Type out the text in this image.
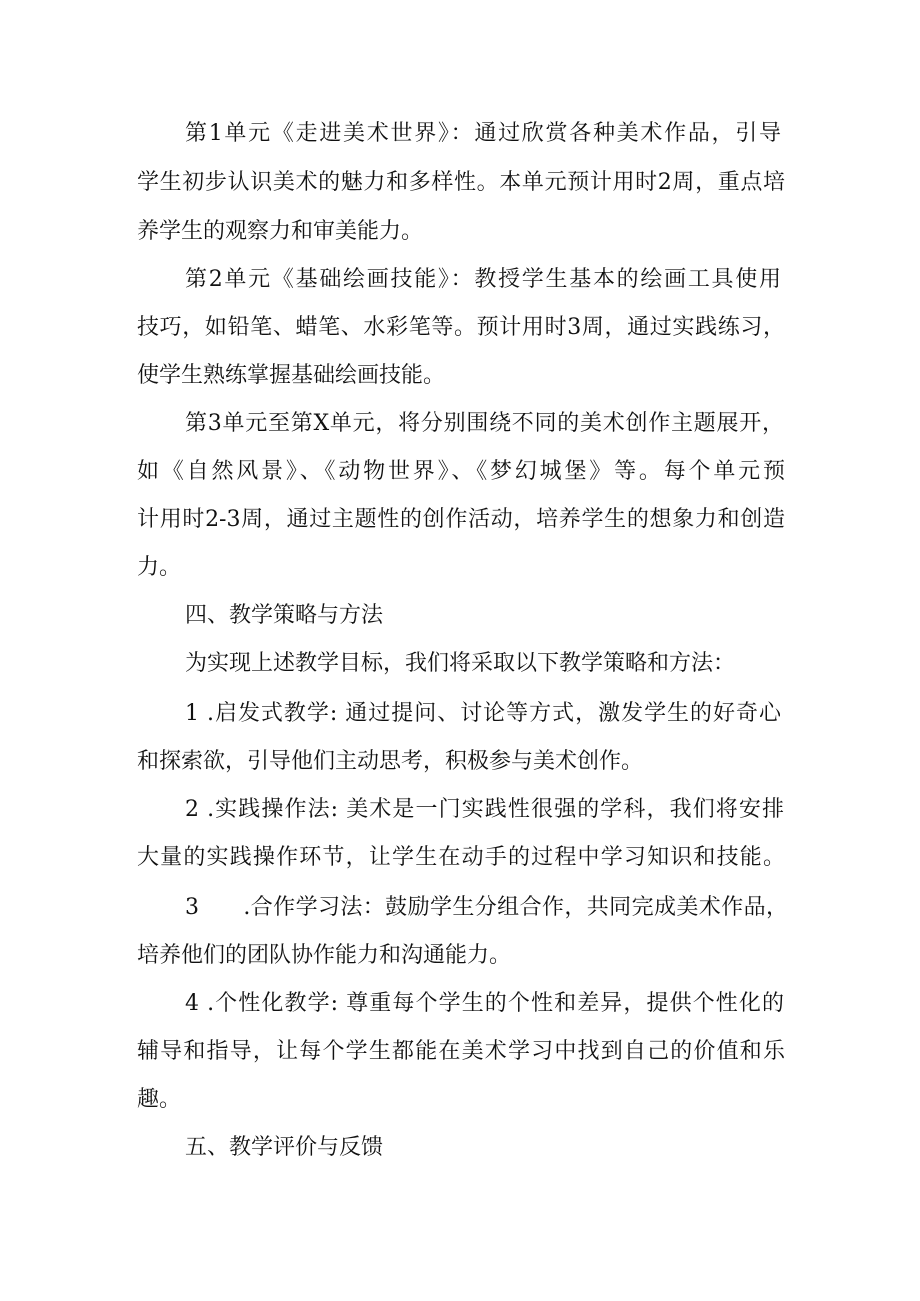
第1单元《走进美术世界》：通过欣赏各种美术作品，引导
学生初步认识美术的魅力和多样性。本单元预计用时2周，重点培
养学生的观察力和审美能力。
第2单元《基础绘画技能》：教授学生基本的绘画工具使用
技巧，如铅笔、蜡笔、水彩笔等。预计用时3周，通过实践练习，
使学生熟练掌握基础绘画技能。
第3单元至第X单元，将分别围绕不同的美术创作主题展开，
如《自然风景》、《动物世界》、《梦幻城堡》等。每个单元预
计用时2-3周，通过主题性的创作活动，培养学生的想象力和创造
力。
四、教学策略与方法
为实现上述教学目标，我们将采取以下教学策略和方法：
1 .启发式教学: 通过提问、讨论等方式，激发学生的好奇心
和探索欲，引导他们主动思考，积极参与美术创作。
2 .实践操作法: 美术是一门实践性很强的学科，我们将安排
大量的实践操作环节，让学生在动手的过程中学习知识和技能。
3      .合作学习法：鼓励学生分组合作，共同完成美术作品，
培养他们的团队协作能力和沟通能力。
4 .个性化教学: 尊重每个学生的个性和差异，提供个性化的
辅导和指导，让每个学生都能在美术学习中找到自己的价值和乐
趣。
五、教学评价与反馈
